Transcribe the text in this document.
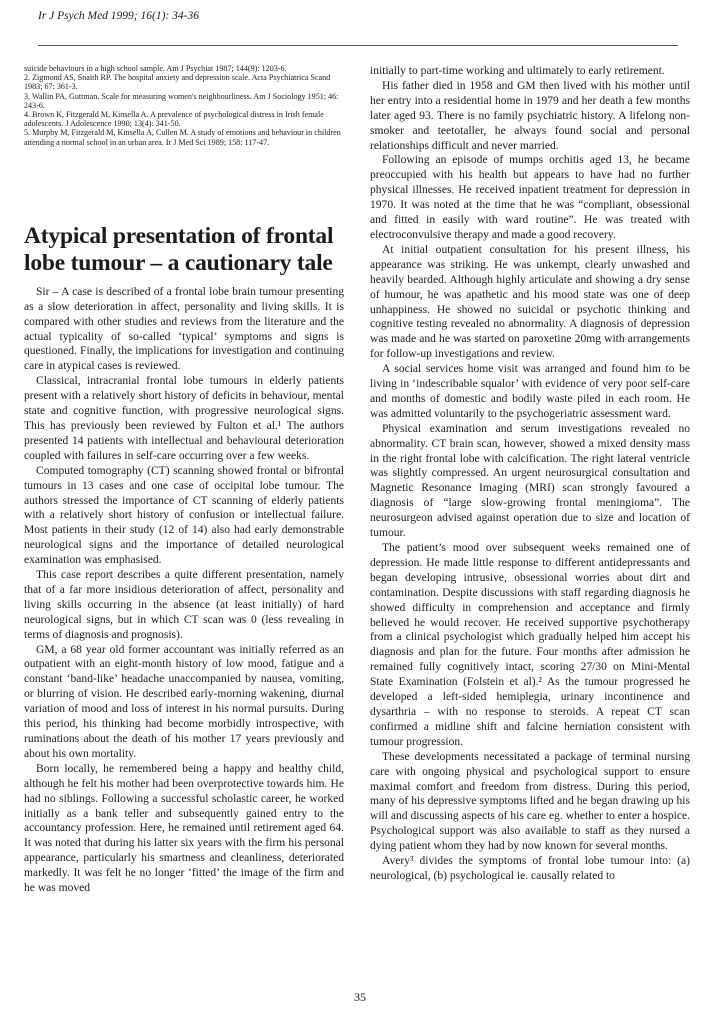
Ir J Psych Med 1999; 16(1): 34-36

suicide behaviours in a high school sample. Am J Psychiat 1987; 144(9): 1203-6.

2. Zigmond AS, Snaith RP. The hospital anxiety and depression scale. Acta Psychiatrica Scand 1983; 67: 361-3.

3. Wallin PA, Guttman. Scale for measuring women's neighbourliness. Am J Sociology 1951; 46: 243-6.

4. Brown K, Fitzgerald M, Kinsella A. A prevalence of psychological distress in Irish female adolescents. J Adolescence 1990; 13(4): 341-50.

5. Murphy M, Fitzgerald M, Kinsella A, Cullen M. A study of emotions and behaviour in children attending a normal school in an urban area. Ir J Med Sci 1989; 158: 117-47.

Atypical presentation of frontal lobe tumour – a cautionary tale

Sir – A case is described of a frontal lobe brain tumour presenting as a slow deterioration in affect, personality and living skills. It is compared with other studies and reviews from the literature and the actual typicality of so-called ‘typical’ symptoms and signs is questioned. Finally, the implications for investigation and continuing care in atypical cases is reviewed.

Classical, intracranial frontal lobe tumours in elderly patients present with a relatively short history of deficits in behaviour, mental state and cognitive function, with progressive neurological signs. This has previously been reviewed by Fulton et al.¹ The authors presented 14 patients with intellectual and behavioural deterioration coupled with failures in self-care occurring over a few weeks.

Computed tomography (CT) scanning showed frontal or bifrontal tumours in 13 cases and one case of occipital lobe tumour. The authors stressed the importance of CT scanning of elderly patients with a relatively short history of confusion or intellectual failure. Most patients in their study (12 of 14) also had early demonstrable neurological signs and the importance of detailed neurological examination was emphasised.

This case report describes a quite different presentation, namely that of a far more insidious deterioration of affect, personality and living skills occurring in the absence (at least initially) of hard neurological signs, but in which CT scan was 0 (less revealing in terms of diagnosis and prognosis).

GM, a 68 year old former accountant was initially referred as an outpatient with an eight-month history of low mood, fatigue and a constant ‘band-like’ headache unaccompanied by nausea, vomiting, or blurring of vision. He described early-morning wakening, diurnal variation of mood and loss of interest in his normal pursuits. During this period, his thinking had become morbidly introspective, with ruminations about the death of his mother 17 years previously and about his own mortality.

Born locally, he remembered being a happy and healthy child, although he felt his mother had been overprotective towards him. He had no siblings. Following a successful scholastic career, he worked initially as a bank teller and subsequently gained entry to the accountancy profession. Here, he remained until retirement aged 64. It was noted that during his latter six years with the firm his personal appearance, particularly his smartness and cleanliness, deteriorated markedly. It was felt he no longer ‘fitted’ the image of the firm and he was moved

initially to part-time working and ultimately to early retirement.

His father died in 1958 and GM then lived with his mother until her entry into a residential home in 1979 and her death a few months later aged 93. There is no family psychiatric history. A lifelong non-smoker and teetotaller, he always found social and personal relationships difficult and never married.

Following an episode of mumps orchitis aged 13, he became preoccupied with his health but appears to have had no further physical illnesses. He received inpatient treatment for depression in 1970. It was noted at the time that he was “compliant, obsessional and fitted in easily with ward routine”. He was treated with electroconvulsive therapy and made a good recovery.

At initial outpatient consultation for his present illness, his appearance was striking. He was unkempt, clearly unwashed and heavily bearded. Although highly articulate and showing a dry sense of humour, he was apathetic and his mood state was one of deep unhappiness. He showed no suicidal or psychotic thinking and cognitive testing revealed no abnormality. A diagnosis of depression was made and he was started on paroxetine 20mg with arrangements for follow-up investigations and review.

A social services home visit was arranged and found him to be living in ‘indescribable squalor’ with evidence of very poor self-care and months of domestic and bodily waste piled in each room. He was admitted voluntarily to the psychogeriatric assessment ward.

Physical examination and serum investigations revealed no abnormality. CT brain scan, however, showed a mixed density mass in the right frontal lobe with calcification. The right lateral ventricle was slightly compressed. An urgent neurosurgical consultation and Magnetic Resonance Imaging (MRI) scan strongly favoured a diagnosis of “large slow-growing frontal meningioma”. The neurosurgeon advised against operation due to size and location of tumour.

The patient’s mood over subsequent weeks remained one of depression. He made little response to different antidepressants and began developing intrusive, obsessional worries about dirt and contamination. Despite discussions with staff regarding diagnosis he showed difficulty in comprehension and acceptance and firmly believed he would recover. He received supportive psychotherapy from a clinical psychologist which gradually helped him accept his diagnosis and plan for the future. Four months after admission he remained fully cognitively intact, scoring 27/30 on Mini-Mental State Examination (Folstein et al).² As the tumour progressed he developed a left-sided hemiplegia, urinary incontinence and dysarthria – with no response to steroids. A repeat CT scan confirmed a midline shift and falcine herniation consistent with tumour progression.

These developments necessitated a package of terminal nursing care with ongoing physical and psychological support to ensure maximal comfort and freedom from distress. During this period, many of his depressive symptoms lifted and he began drawing up his will and discussing aspects of his care eg. whether to enter a hospice. Psychological support was also available to staff as they nursed a dying patient whom they had by now known for several months.

Avery³ divides the symptoms of frontal lobe tumour into: (a) neurological, (b) psychological ie. causally related to

35
